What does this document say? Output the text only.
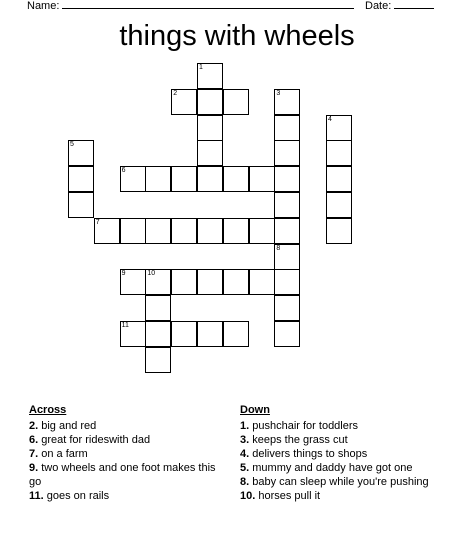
Name:	Date:
things with wheels
1
2	3
4
5
6
7
8
9	10
11
Across
2. big and red
6. great for rideswith dad
7. on a farm
9. two wheels and one foot makes this go
11. goes on rails
Down
1. pushchair for toddlers
3. keeps the grass cut
4. delivers things to shops
5. mummy and daddy have got one
8. baby can sleep while you're pushing
10. horses pull it
